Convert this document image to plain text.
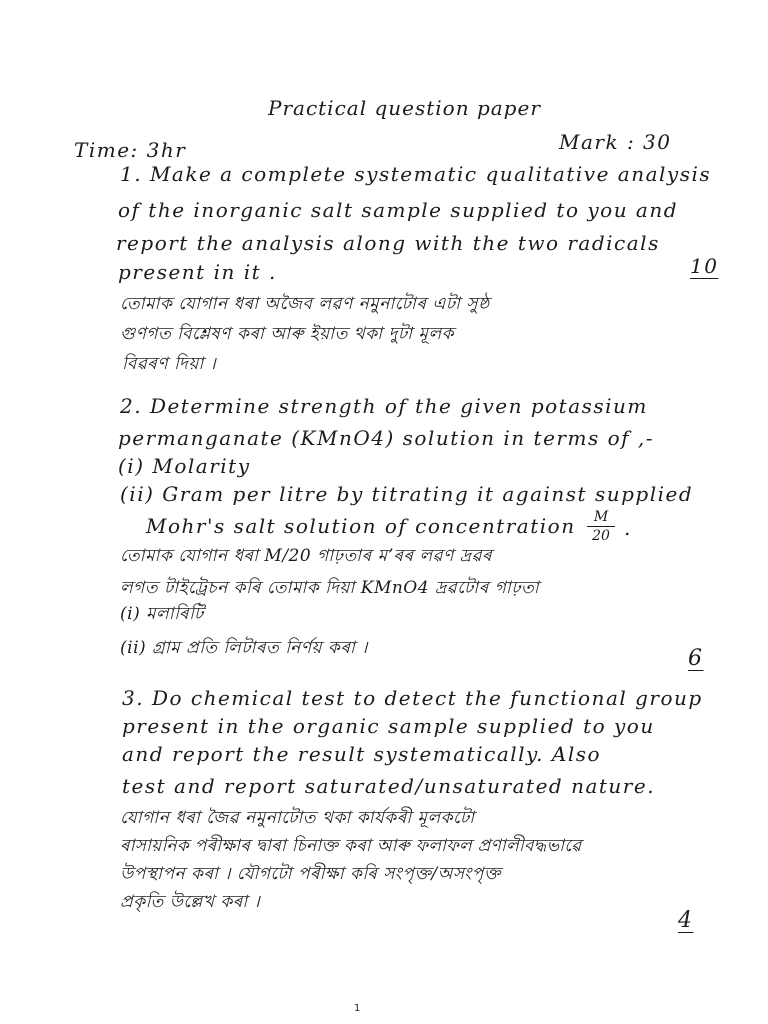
Practical question paper
Time: 3hr	Mark : 30
1. Make a complete systematic qualitative analysis
of the inorganic salt sample supplied to you and
report the analysis along with the two radicals
present in it .	10
তোমাক যোগান ধৰা অজৈব লৱণ নমুনাটোৰ এটা সুষ্ঠ
গুণগত বিশ্লেষণ কৰা আৰু ইয়াত থকা দুটা মূলক
বিৱৰণ দিয়া ।
2. Determine strength of the given potassium
permanganate (KMnO4) solution in terms of ,-
(i) Molarity
(ii) Gram per litre by titrating it against supplied
Mohr's salt solution of concentration M
20 .
তোমাক যোগান ধৰা M/20 গাঢ়তাৰ মʼৰৰ লৱণ দ্ৰৱৰ
লগত টাইট্ৰেচন কৰি তোমাক দিয়া KMnO4 দ্ৰৱটোৰ গাঢ়তা
(i) মলাৰিটি
(ii) গ্ৰাম প্ৰতি লিটাৰত নিৰ্ণয় কৰা ।	6
3. Do chemical test to detect the functional group
present in the organic sample supplied to you
and report the result systematically. Also
test and report saturated/unsaturated nature.
যোগান ধৰা জৈৱ নমুনাটোত থকা কাৰ্যকৰী মূলকটো
ৰাসায়নিক পৰীক্ষাৰ দ্বাৰা চিনাক্ত কৰা আৰু ফলাফল প্ৰণালীবদ্ধভাৱে
উপস্থাপন কৰা । যৌগটো পৰীক্ষা কৰি সংপৃক্ত/অসংপৃক্ত
প্ৰকৃতি উল্লেখ কৰা ।
4
1
